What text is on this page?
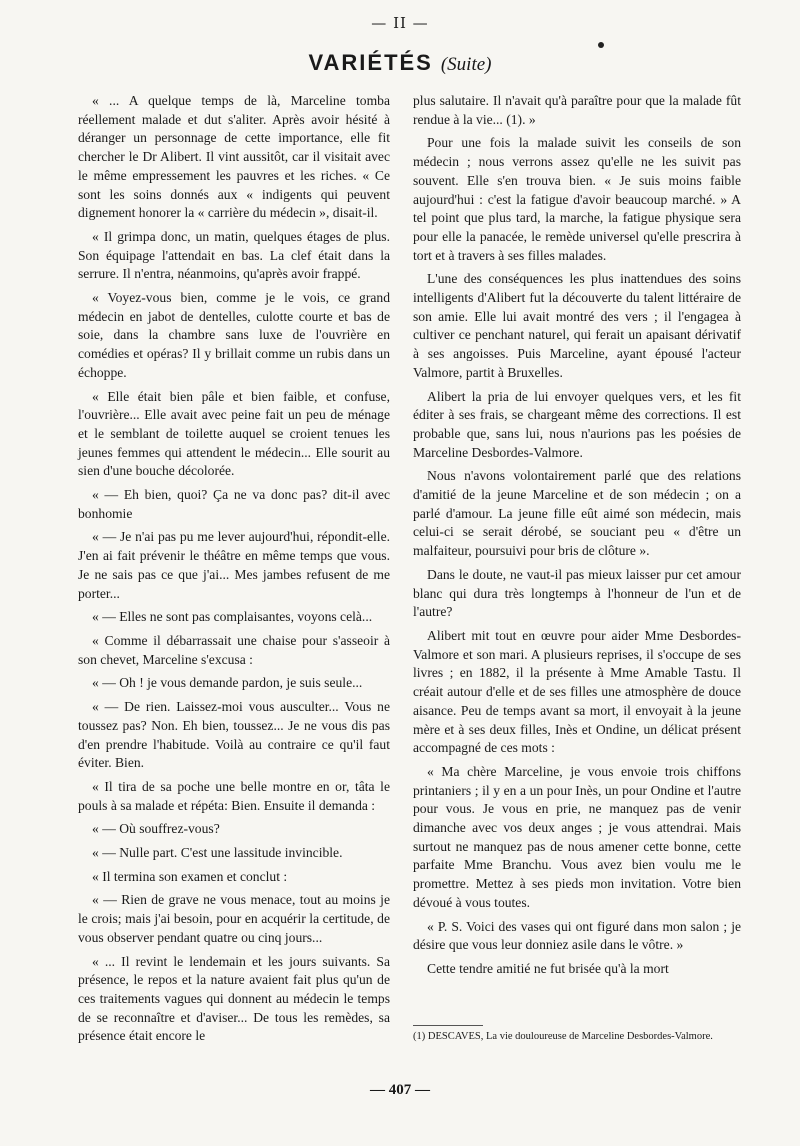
— II —
VARIÉTÉS (Suite)

« ... A quelque temps de là, Marceline tomba réellement malade et dut s'aliter. Après avoir hésité à déranger un personnage de cette importance, elle fit chercher le Dr Alibert. Il vint aussitôt, car il visitait avec le même empressement les pauvres et les riches. « Ce sont les soins donnés aux « indigents qui peuvent dignement honorer la « carrière du médecin », disait-il.

« Il grimpa donc, un matin, quelques étages de plus. Son équipage l'attendait en bas. La clef était dans la serrure. Il n'entra, néanmoins, qu'après avoir frappé.

« Voyez-vous bien, comme je le vois, ce grand médecin en jabot de dentelles, culotte courte et bas de soie, dans la chambre sans luxe de l'ouvrière en comédies et opéras? Il y brillait comme un rubis dans un échoppe.

« Elle était bien pâle et bien faible, et confuse, l'ouvrière... Elle avait avec peine fait un peu de ménage et le semblant de toilette auquel se croient tenues les jeunes femmes qui attendent le médecin... Elle sourit au sien d'une bouche décolorée.

« — Eh bien, quoi? Ça ne va donc pas? dit-il avec bonhomie

« — Je n'ai pas pu me lever aujourd'hui, répondit-elle. J'en ai fait prévenir le théâtre en même temps que vous. Je ne sais pas ce que j'ai... Mes jambes refusent de me porter...

« — Elles ne sont pas complaisantes, voyons celà...

« Comme il débarrassait une chaise pour s'asseoir à son chevet, Marceline s'excusa :

« — Oh ! je vous demande pardon, je suis seule...

« — De rien. Laissez-moi vous ausculter... Vous ne toussez pas? Non. Eh bien, toussez... Je ne vous dis pas d'en prendre l'habitude. Voilà au contraire ce qu'il faut éviter. Bien.

« Il tira de sa poche une belle montre en or, tâta le pouls à sa malade et répéta: Bien. Ensuite il demanda :

« — Où souffrez-vous?

« — Nulle part. C'est une lassitude invincible.

« Il termina son examen et conclut :

« — Rien de grave ne vous menace, tout au moins je le crois; mais j'ai besoin, pour en acquérir la certitude, de vous observer pendant quatre ou cinq jours...

« ... Il revint le lendemain et les jours suivants. Sa présence, le repos et la nature avaient fait plus qu'un de ces traitements vagues qui donnent au médecin le temps de se reconnaître et d'aviser... De tous les remèdes, sa présence était encore le

plus salutaire. Il n'avait qu'à paraître pour que la malade fût rendue à la vie... (1). »

Pour une fois la malade suivit les conseils de son médecin ; nous verrons assez qu'elle ne les suivit pas souvent. Elle s'en trouva bien. « Je suis moins faible aujourd'hui : c'est la fatigue d'avoir beaucoup marché. » A tel point que plus tard, la marche, la fatigue physique sera pour elle la panacée, le remède universel qu'elle prescrira à tort et à travers à ses filles malades.

L'une des conséquences les plus inattendues des soins intelligents d'Alibert fut la découverte du talent littéraire de son amie. Elle lui avait montré des vers ; il l'engagea à cultiver ce penchant naturel, qui ferait un apaisant dérivatif à ses angoisses. Puis Marceline, ayant épousé l'acteur Valmore, partit à Bruxelles.

Alibert la pria de lui envoyer quelques vers, et les fit éditer à ses frais, se chargeant même des corrections. Il est probable que, sans lui, nous n'aurions pas les poésies de Marceline Desbordes-Valmore.

Nous n'avons volontairement parlé que des relations d'amitié de la jeune Marceline et de son médecin ; on a parlé d'amour. La jeune fille eût aimé son médecin, mais celui-ci se serait dérobé, se souciant peu « d'être un malfaiteur, poursuivi pour bris de clôture ».

Dans le doute, ne vaut-il pas mieux laisser pur cet amour blanc qui dura très longtemps à l'honneur de l'un et de l'autre?

Alibert mit tout en œuvre pour aider Mme Desbordes-Valmore et son mari. A plusieurs reprises, il s'occupe de ses livres ; en 1882, il la présente à Mme Amable Tastu. Il créait autour d'elle et de ses filles une atmosphère de douce aisance. Peu de temps avant sa mort, il envoyait à la jeune mère et à ses deux filles, Inès et Ondine, un délicat présent accompagné de ces mots :

« Ma chère Marceline, je vous envoie trois chiffons printaniers ; il y en a un pour Inès, un pour Ondine et l'autre pour vous. Je vous en prie, ne manquez pas de venir dimanche avec vos deux anges ; je vous attendrai. Mais surtout ne manquez pas de nous amener cette bonne, cette parfaite Mme Branchu. Vous avez bien voulu me le promettre. Mettez à ses pieds mon invitation. Votre bien dévoué à vous toutes.

« P. S. Voici des vases qui ont figuré dans mon salon ; je désire que vous leur donniez asile dans le vôtre. »

Cette tendre amitié ne fut brisée qu'à la mort

(1) DESCAVES, La vie douloureuse de Marceline Desbordes-Valmore.
— 407 —
